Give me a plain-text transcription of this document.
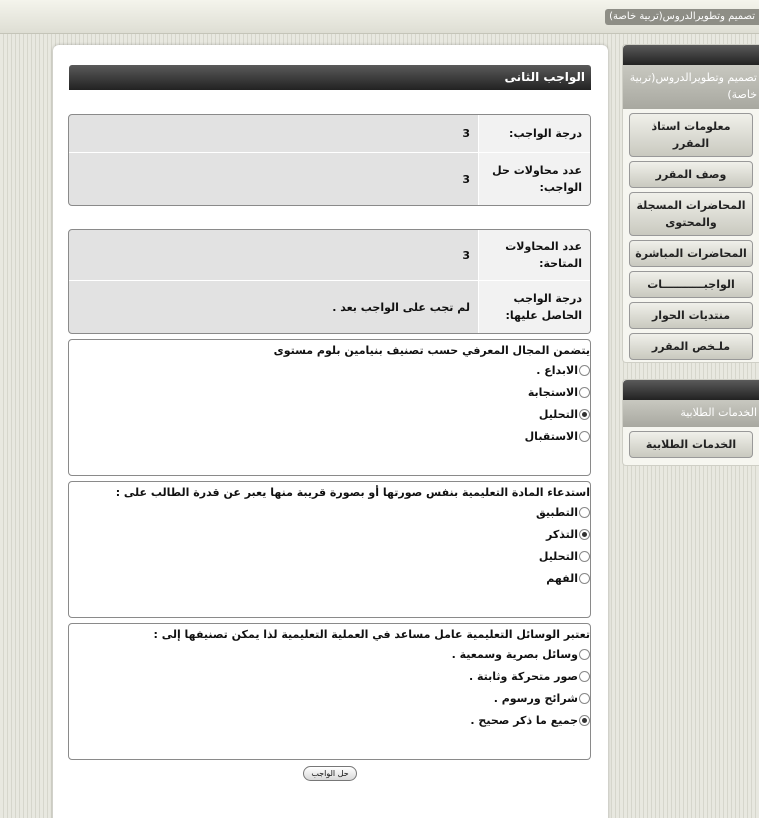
تصميم وتطويرالدروس(تربية خاصة)
الواجب الثانى
درجة الواجب:
3
عدد محاولات حل الواجب:
3
عدد المحاولات المتاحة:
3
درجة الواجب الحاصل عليها:
لم تجب على الواجب بعد .
يتضمن المجال المعرفي حسب تصنيف بنيامين بلوم مستوى
الابداع .
الاستجابة
التحليل
الاستقبال
استدعاء المادة التعليمية بنفس صورتها أو بصورة قريبة منها يعبر عن قدرة الطالب على :
التطبيق
التذكر
التحليل
الفهم
تعتبر الوسائل التعليمية عامل مساعد في العملية التعليمية لذا يمكن تصنيفها إلى :
وسائل بصرية وسمعية .
صور متحركة وثابتة .
شرائح ورسوم .
جميع ما ذكر صحيح .
حل الواجب
تصميم وتطويرالدروس(تربية خاصة)
معلومات استاذ المقرر
وصف المقرر
المحاضرات المسجلة والمحتوى
المحاضرات المباشرة
الواجبـــــــــــات
منتديات الحوار
ملـخص المقرر
الخدمات الطلابية
الخدمات الطلابية
